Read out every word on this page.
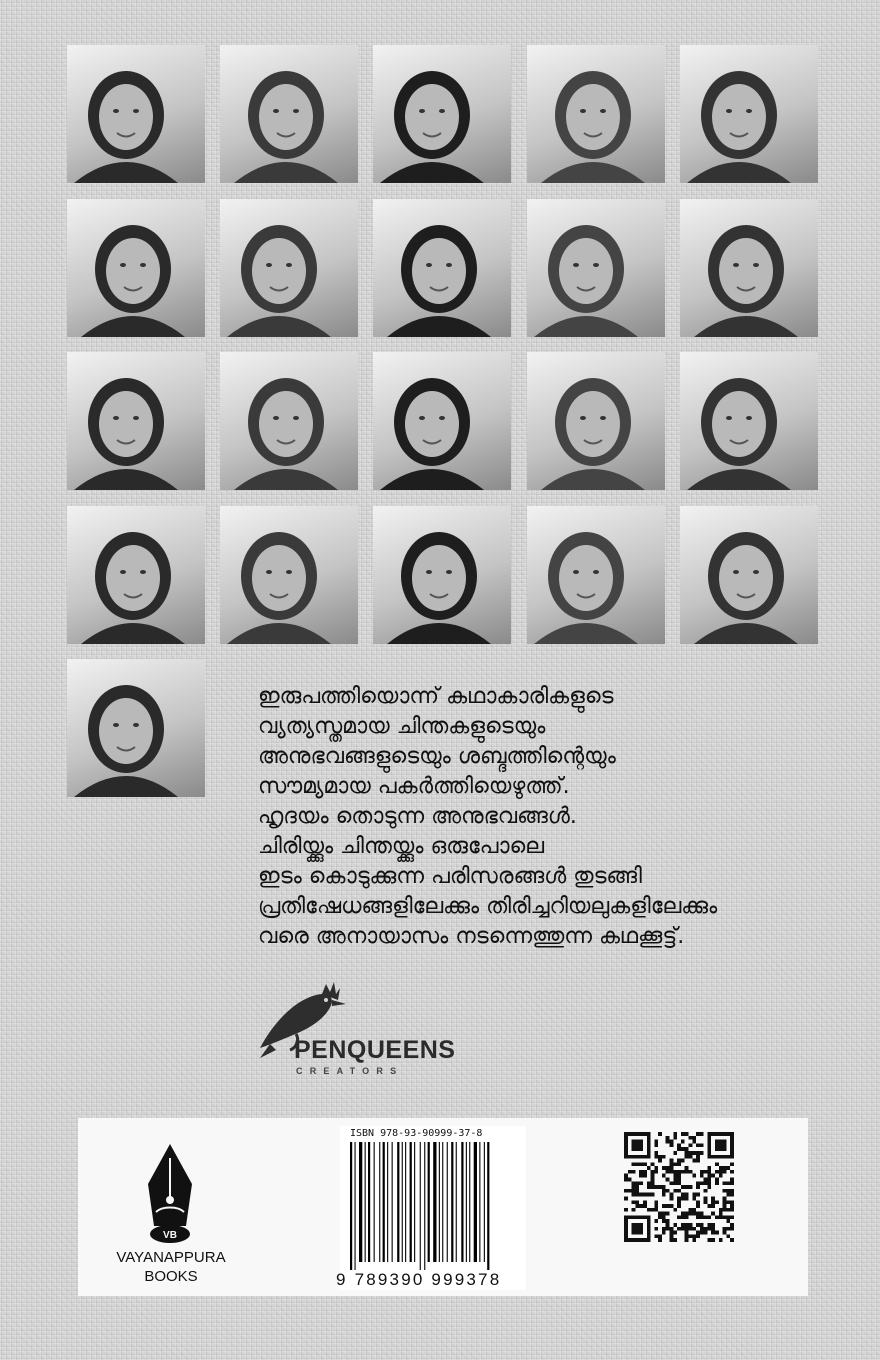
ഇരുപത്തിയൊന്ന് കഥാകാരികളുടെ
വ്യത്യസ്തമായ ചിന്തകളുടെയും
അനുഭവങ്ങളുടെയും ശബ്ദത്തിന്റെയും
സൗമ്യമായ പകർത്തിയെഴുത്ത്.
ഹൃദയം തൊടുന്ന അനുഭവങ്ങൾ.
ചിരിയ്ക്കും ചിന്തയ്ക്കും ഒരുപോലെ
ഇടം കൊടുക്കുന്ന പരിസരങ്ങൾ തുടങ്ങി
പ്രതിഷേധങ്ങളിലേക്കും തിരിച്ചറിയലുകളിലേക്കും
വരെ അനായാസം നടന്നെത്തുന്ന കഥക്കൂട്ട്.

PENQUEENS
CREATORS
VB
VAYANAPPURA
BOOKS
ISBN 978-93-90999-37-8
9 789390 999378
